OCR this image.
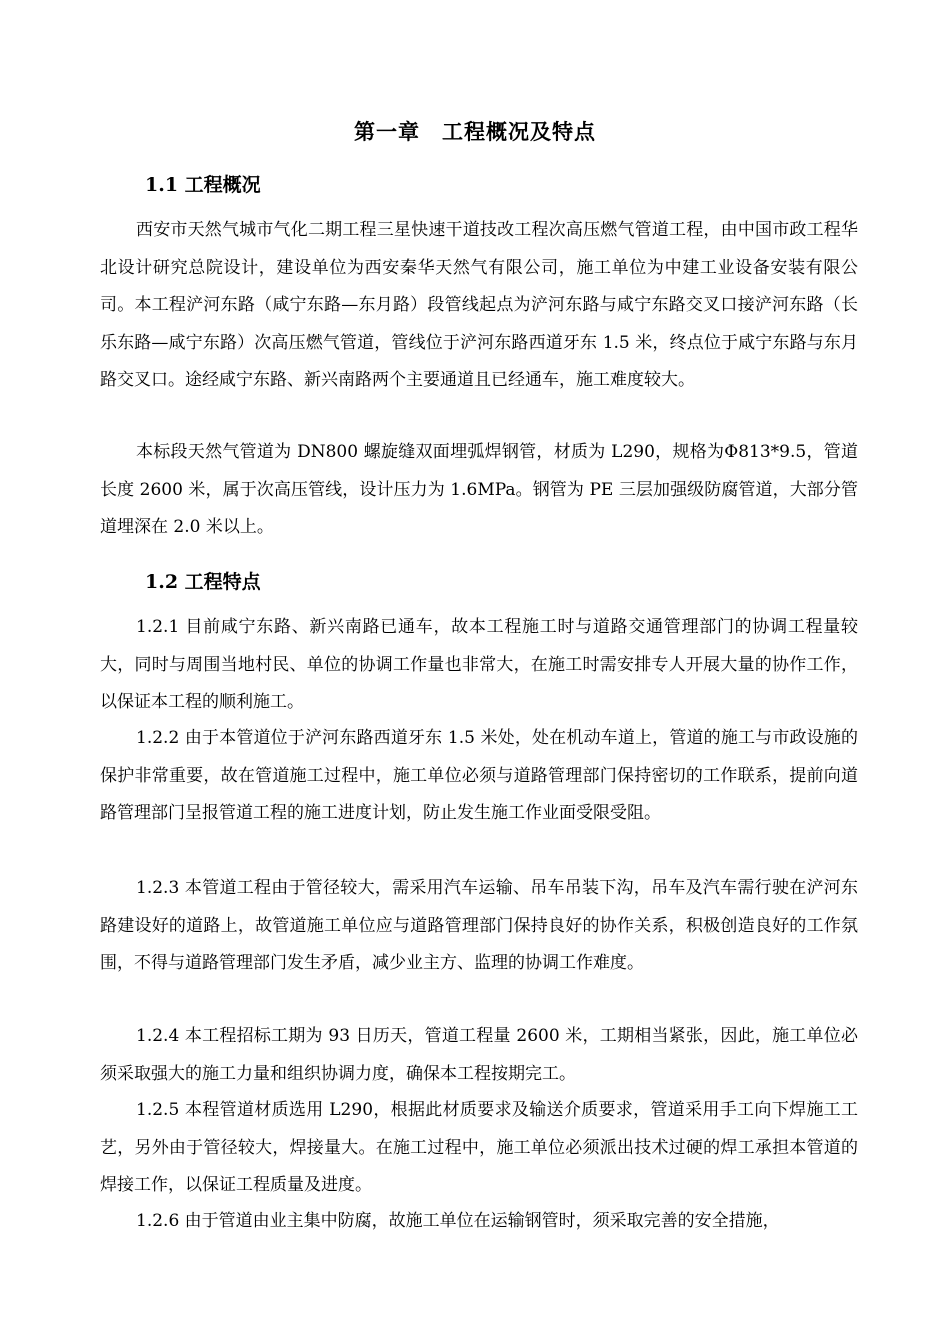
第一章　工程概况及特点
1.1 工程概况

西安市天然气城市气化二期工程三星快速干道技改工程次高压燃气管道工程，由中国市政工程华北设计研究总院设计，建设单位为西安秦华天然气有限公司，施工单位为中建工业设备安装有限公司。本工程浐河东路（咸宁东路—东月路）段管线起点为浐河东路与咸宁东路交叉口接浐河东路（长乐东路—咸宁东路）次高压燃气管道，管线位于浐河东路西道牙东 1.5 米，终点位于咸宁东路与东月路交叉口。途经咸宁东路、新兴南路两个主要通道且已经通车，施工难度较大。

本标段天然气管道为 DN800 螺旋缝双面埋弧焊钢管，材质为 L290，规格为Φ813*9.5，管道长度 2600 米，属于次高压管线，设计压力为 1.6MPa。钢管为 PE 三层加强级防腐管道，大部分管道埋深在 2.0 米以上。

1.2 工程特点

1.2.1 目前咸宁东路、新兴南路已通车，故本工程施工时与道路交通管理部门的协调工程量较大，同时与周围当地村民、单位的协调工作量也非常大，在施工时需安排专人开展大量的协作工作，以保证本工程的顺利施工。

1.2.2 由于本管道位于浐河东路西道牙东 1.5 米处，处在机动车道上，管道的施工与市政设施的保护非常重要，故在管道施工过程中，施工单位必须与道路管理部门保持密切的工作联系，提前向道路管理部门呈报管道工程的施工进度计划，防止发生施工作业面受限受阻。

1.2.3 本管道工程由于管径较大，需采用汽车运输、吊车吊装下沟，吊车及汽车需行驶在浐河东路建设好的道路上，故管道施工单位应与道路管理部门保持良好的协作关系，积极创造良好的工作氛围，不得与道路管理部门发生矛盾，减少业主方、监理的协调工作难度。

1.2.4 本工程招标工期为 93 日历天，管道工程量 2600 米，工期相当紧张，因此，施工单位必须采取强大的施工力量和组织协调力度，确保本工程按期完工。

1.2.5 本程管道材质选用 L290，根据此材质要求及输送介质要求，管道采用手工向下焊施工工艺，另外由于管径较大，焊接量大。在施工过程中，施工单位必须派出技术过硬的焊工承担本管道的焊接工作，以保证工程质量及进度。

1.2.6 由于管道由业主集中防腐，故施工单位在运输钢管时，须采取完善的安全措施，
